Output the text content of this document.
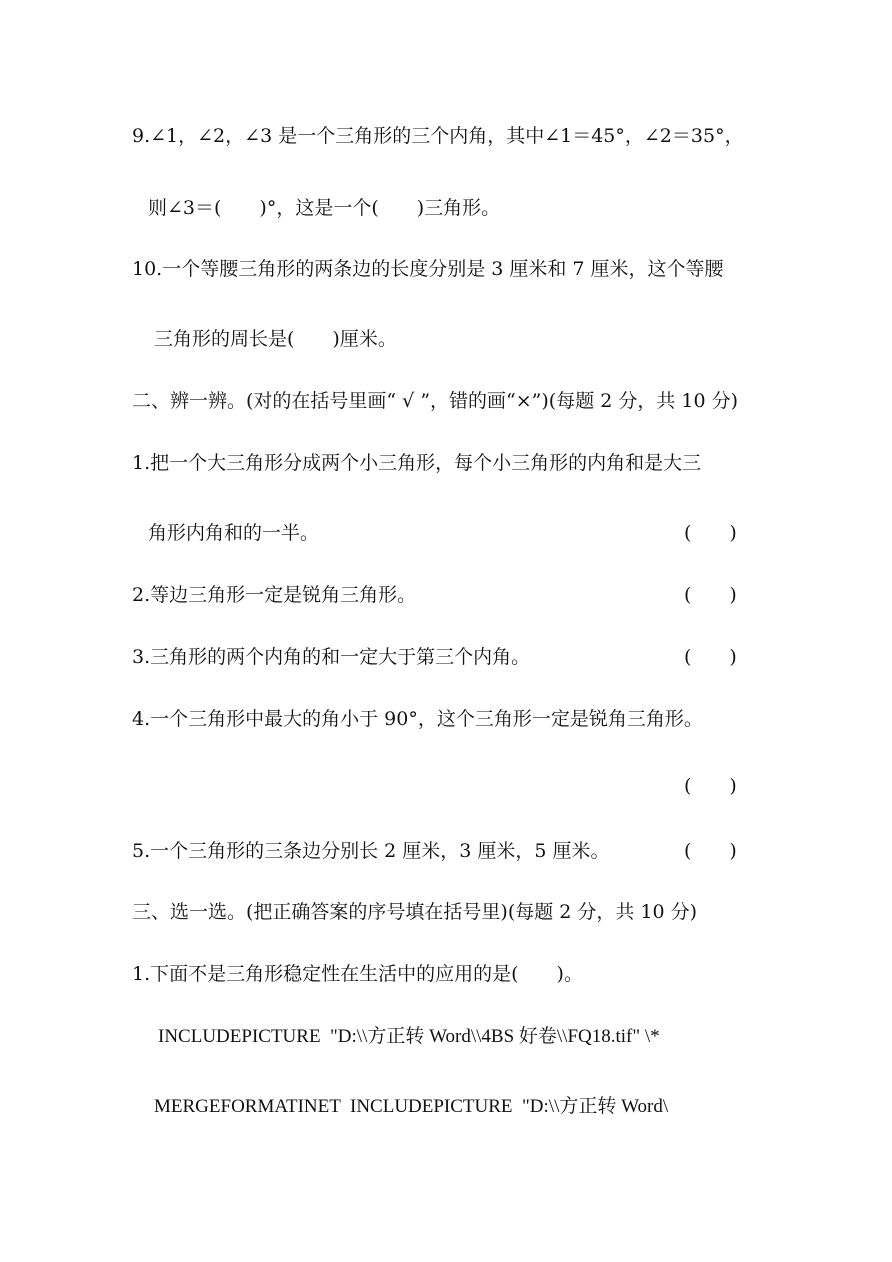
9.∠1，∠2，∠3 是一个三角形的三个内角，其中∠1＝45°，∠2＝35°，
则∠3＝(　　)°，这是一个(　　)三角形。
10.一个等腰三角形的两条边的长度分别是 3 厘米和 7 厘米，这个等腰
三角形的周长是(　　)厘米。
二、辨一辨。(对的在括号里画“ √ ”，错的画“×”)(每题 2 分，共 10 分)
1.把一个大三角形分成两个小三角形，每个小三角形的内角和是大三
角形内角和的一半。	(　　)
2.等边三角形一定是锐角三角形。	(　　)
3.三角形的两个内角的和一定大于第三个内角。	(　　)
4.一个三角形中最大的角小于 90°，这个三角形一定是锐角三角形。
(　　)
5.一个三角形的三条边分别长 2 厘米，3 厘米，5 厘米。	(　　)
三、选一选。(把正确答案的序号填在括号里)(每题 2 分，共 10 分)
1.下面不是三角形稳定性在生活中的应用的是(　　)。
INCLUDEPICTURE  "D:\\方正转 Word\\4BS 好卷\\FQ18.tif" \*
MERGEFORMATINET  INCLUDEPICTURE  "D:\\方正转 Word\
